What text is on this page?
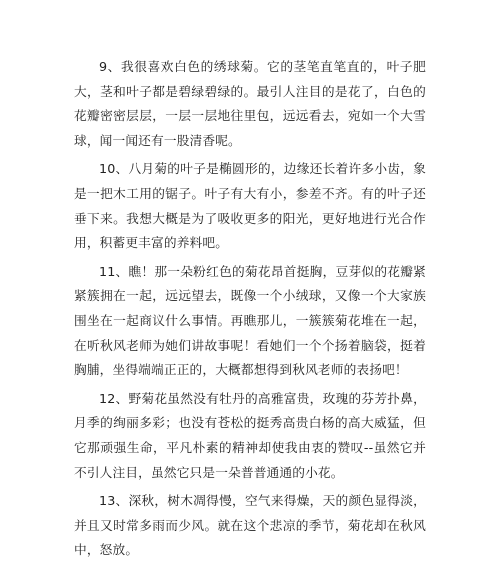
9、我很喜欢白色的绣球菊。它的茎笔直笔直的，叶子肥大，茎和叶子都是碧绿碧绿的。最引人注目的是花了，白色的花瓣密密层层，一层一层地往里包，远远看去，宛如一个大雪球，闻一闻还有一股清香呢。

10、八月菊的叶子是椭圆形的，边缘还长着许多小齿，象是一把木工用的锯子。叶子有大有小，参差不齐。有的叶子还垂下来。我想大概是为了吸收更多的阳光，更好地进行光合作用，积蓄更丰富的养料吧。

11、瞧！那一朵粉红色的菊花昂首挺胸，豆芽似的花瓣紧紧簇拥在一起，远远望去，既像一个小绒球，又像一个大家族围坐在一起商议什么事情。再瞧那儿，一簇簇菊花堆在一起，在听秋风老师为她们讲故事呢！看她们一个个扬着脑袋，挺着胸脯，坐得端端正正的，大概都想得到秋风老师的表扬吧！

12、野菊花虽然没有牡丹的高雅富贵，玫瑰的芬芳扑鼻，月季的绚丽多彩；也没有苍松的挺秀高贵白杨的高大威猛，但它那顽强生命，平凡朴素的精神却使我由衷的赞叹--虽然它并不引人注目，虽然它只是一朵普普通通的小花。

13、深秋，树木凋得慢，空气来得燥，天的颜色显得淡，并且又时常多雨而少风。就在这个悲凉的季节，菊花却在秋风中，怒放。
